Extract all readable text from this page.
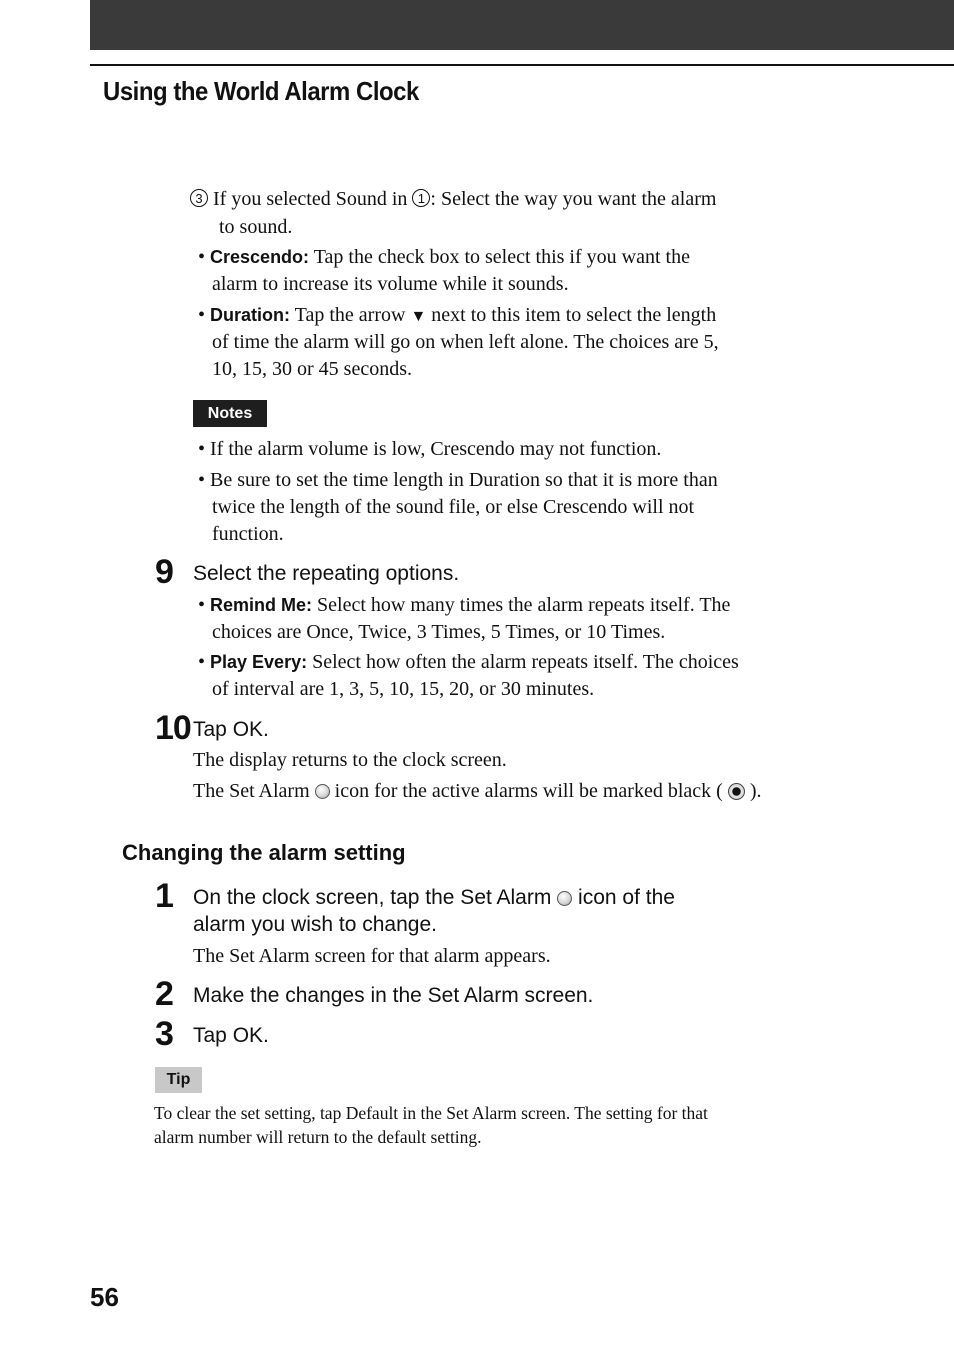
Using the World Alarm Clock
3 If you selected Sound in 1 : Select the way you want the alarm
to sound.
• Crescendo: Tap the check box to select this if you want the
alarm to increase its volume while it sounds.
• Duration: Tap the arrow ▼ next to this item to select the length
of time the alarm will go on when left alone. The choices are 5,
10, 15, 30 or 45 seconds.
Notes
• If the alarm volume is low, Crescendo may not function.
• Be sure to set the time length in Duration so that it is more than
twice the length of the sound file, or else Crescendo will not
function.
9 Select the repeating options.
• Remind Me: Select how many times the alarm repeats itself. The
choices are Once, Twice, 3 Times, 5 Times, or 10 Times.
• Play Every: Select how often the alarm repeats itself. The choices
of interval are 1, 3, 5, 10, 15, 20, or 30 minutes.
10 Tap OK.
The display returns to the clock screen.
The Set Alarm icon for the active alarms will be marked black ( ).
Changing the alarm setting
1 On the clock screen, tap the Set Alarm icon of the
alarm you wish to change.
The Set Alarm screen for that alarm appears.
2 Make the changes in the Set Alarm screen.
3 Tap OK.
Tip
To clear the set setting, tap Default in the Set Alarm screen. The setting for that
alarm number will return to the default setting.
56
